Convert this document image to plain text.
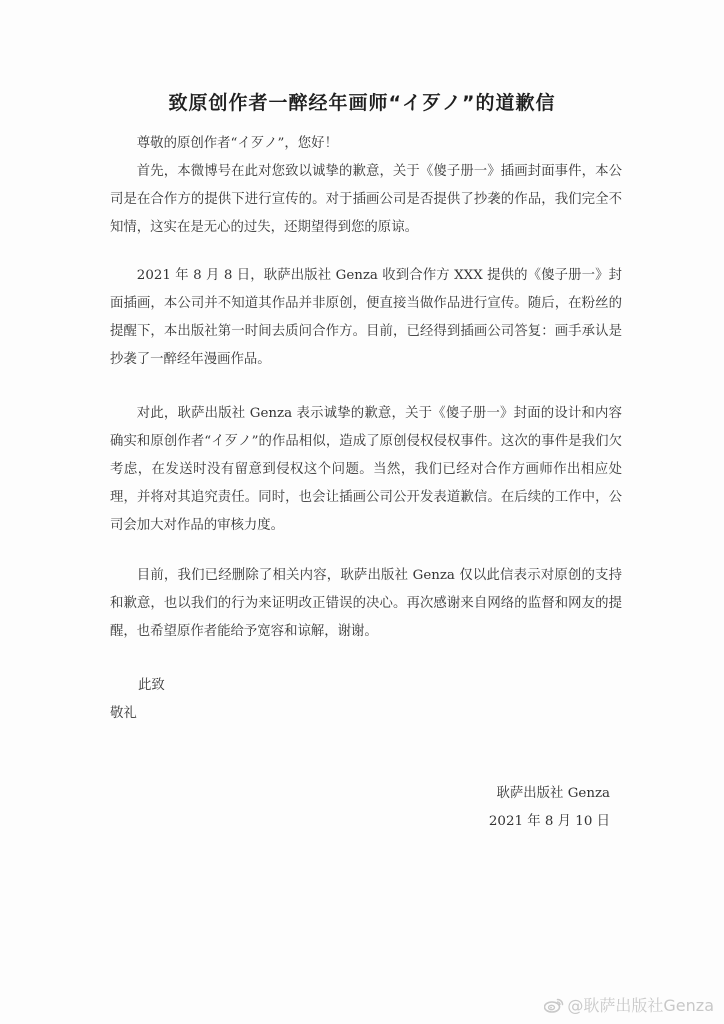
致原创作者一醉经年画师“イ歹ノ”的道歉信

尊敬的原创作者“イ歹ノ”，您好！

首先，本微博号在此对您致以诚挚的歉意，关于《傻子册一》插画封面事件，本公司是在合作方的提供下进行宣传的。对于插画公司是否提供了抄袭的作品，我们完全不知情，这实在是无心的过失，还期望得到您的原谅。

2021 年 8 月 8 日，耿萨出版社 Genza 收到合作方 XXX 提供的《傻子册一》封面插画，本公司并不知道其作品并非原创，便直接当做作品进行宣传。随后，在粉丝的提醒下，本出版社第一时间去质问合作方。目前，已经得到插画公司答复：画手承认是抄袭了一醉经年漫画作品。

对此，耿萨出版社 Genza 表示诚挚的歉意，关于《傻子册一》封面的设计和内容确实和原创作者“イ歹ノ”的作品相似，造成了原创侵权侵权事件。这次的事件是我们欠考虑，在发送时没有留意到侵权这个问题。当然，我们已经对合作方画师作出相应处理，并将对其追究责任。同时，也会让插画公司公开发表道歉信。在后续的工作中，公司会加大对作品的审核力度。

目前，我们已经删除了相关内容，耿萨出版社 Genza 仅以此信表示对原创的支持和歉意，也以我们的行为来证明改正错误的决心。再次感谢来自网络的监督和网友的提醒，也希望原作者能给予宽容和谅解，谢谢。

此致

敬礼

耿萨出版社 Genza

2021 年 8 月 10 日

@耿萨出版社Genza
